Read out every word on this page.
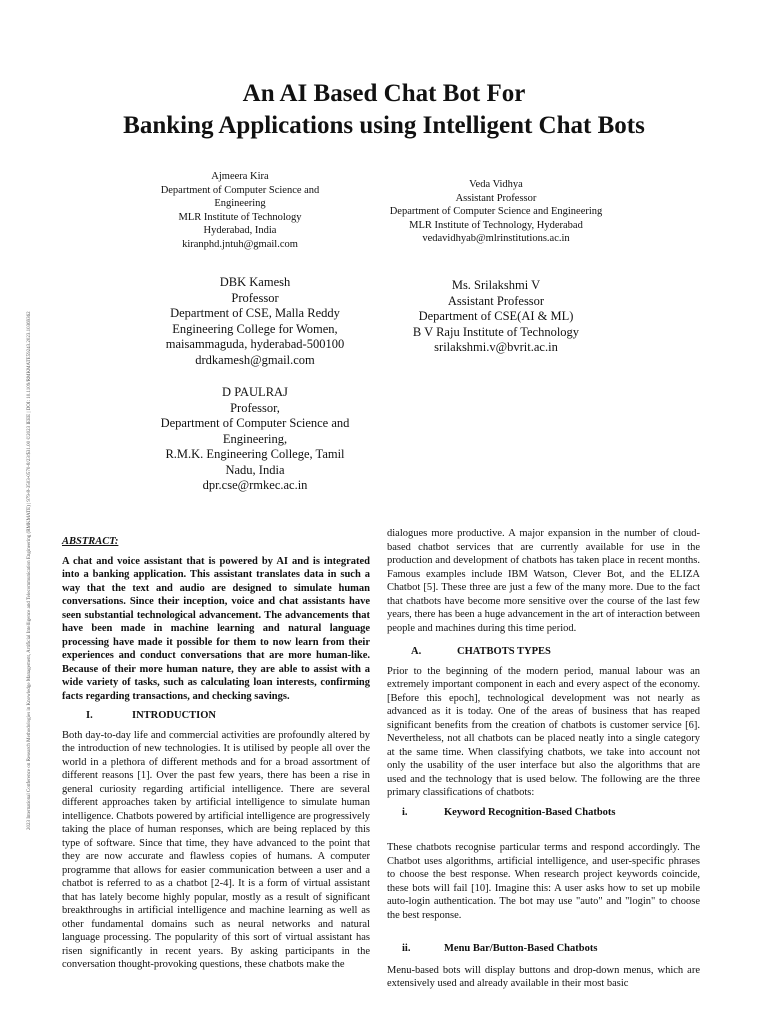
2023 International Conference on Research Methodologies in Knowledge Management, Artificial Intelligence and Telecommunication Engineering (RMKMATE) | 979-8-3503-0570-8/23/$31.00 ©2023 IEEE | DOI: 10.1109/RMKMATE59243.2023.10369362
An AI Based Chat Bot For
Banking Applications using Intelligent Chat Bots
Ajmeera Kira
Department of Computer Science and
Engineering
MLR Institute of Technology
Hyderabad, India
kiranphd.jntuh@gmail.com
Veda Vidhya
Assistant Professor
Department of Computer Science and Engineering
MLR Institute of Technology, Hyderabad
vedavidhyab@mlrinstitutions.ac.in
DBK Kamesh
Professor
Department of CSE, Malla Reddy
Engineering College for Women,
maisammaguda, hyderabad-500100
drdkamesh@gmail.com
Ms. Srilakshmi V
Assistant Professor
Department of CSE(AI & ML)
B V Raju Institute of Technology
srilakshmi.v@bvrit.ac.in
D PAULRAJ
Professor,
Department of Computer Science and
Engineering,
R.M.K. Engineering College, Tamil
Nadu, India
dpr.cse@rmkec.ac.in
ABSTRACT:

A chat and voice assistant that is powered by AI and is integrated into a banking application. This assistant translates data in such a way that the text and audio are designed to simulate human conversations. Since their inception, voice and chat assistants have seen substantial technological advancement. The advancements that have been made in machine learning and natural language processing have made it possible for them to now learn from their experiences and conduct conversations that are more human-like. Because of their more human nature, they are able to assist with a wide variety of tasks, such as calculating loan interests, confirming facts regarding transactions, and checking savings.

I.	INTRODUCTION

Both day-to-day life and commercial activities are profoundly altered by the introduction of new technologies. It is utilised by people all over the world in a plethora of different methods and for a broad assortment of different reasons [1]. Over the past few years, there has been a rise in general curiosity regarding artificial intelligence. There are several different approaches taken by artificial intelligence to simulate human intelligence. Chatbots powered by artificial intelligence are progressively taking the place of human responses, which are being replaced by this type of software. Since that time, they have advanced to the point that they are now accurate and flawless copies of humans. A computer programme that allows for easier communication between a user and a chatbot is referred to as a chatbot [2-4]. It is a form of virtual assistant that has lately become highly popular, mostly as a result of significant breakthroughs in artificial intelligence and machine learning as well as other fundamental domains such as neural networks and natural language processing. The popularity of this sort of virtual assistant has risen significantly in recent years. By asking participants in the conversation thought-provoking questions, these chatbots make the

dialogues more productive. A major expansion in the number of cloud-based chatbot services that are currently available for use in the production and development of chatbots has taken place in recent months. Famous examples include IBM Watson, Clever Bot, and the ELIZA Chatbot [5]. These three are just a few of the many more. Due to the fact that chatbots have become more sensitive over the course of the last few years, there has been a huge advancement in the art of interaction between people and machines during this time period.

A.	CHATBOTS TYPES

Prior to the beginning of the modern period, manual labour was an extremely important component in each and every aspect of the economy. [Before this epoch], technological development was not nearly as advanced as it is today. One of the areas of business that has reaped significant benefits from the creation of chatbots is customer service [6]. Nevertheless, not all chatbots can be placed neatly into a single category at the same time. When classifying chatbots, we take into account not only the usability of the user interface but also the algorithms that are used and the technology that is used below. The following are the three primary classifications of chatbots:

i.	Keyword Recognition-Based Chatbots

These chatbots recognise particular terms and respond accordingly. The Chatbot uses algorithms, artificial intelligence, and user-specific phrases to choose the best response. When research project keywords coincide, these bots will fail [10]. Imagine this: A user asks how to set up mobile auto-login authentication. The bot may use "auto" and "login" to choose the best response.

ii.	Menu Bar/Button-Based Chatbots

Menu-based bots will display buttons and drop-down menus, which are extensively used and already available in their most basic
